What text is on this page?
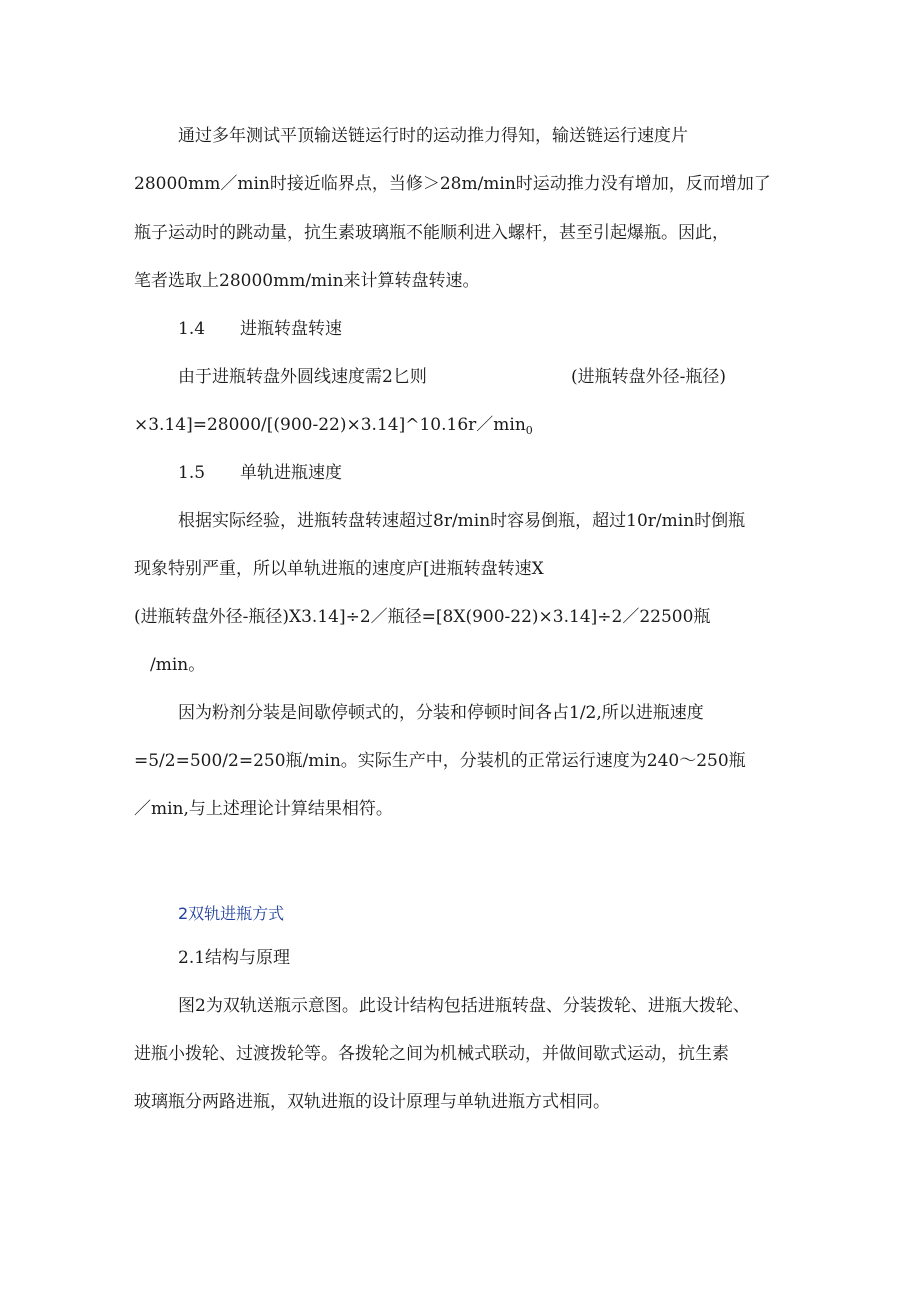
通过多年测试平顶输送链运行时的运动推力得知，输送链运行速度片

28000mm／min时接近临界点，当修＞28m/min时运动推力没有增加，反而增加了

瓶子运动时的跳动量，抗生素玻璃瓶不能顺利进入螺杆，甚至引起爆瓶。因此，

笔者选取上28000mm/min来计算转盘转速。

1.4 进瓶转盘转速

由于进瓶转盘外圆线速度需2匕则	(进瓶转盘外径-瓶径)

$\times 3.14]=28000/[(900-22)\times 3.14]\^{}10.16r/\min_0$

1.5 单轨进瓶速度

根据实际经验，进瓶转盘转速超过8r/min时容易倒瓶，超过10r/min时倒瓶

现象特别严重，所以单轨进瓶的速度庐[进瓶转盘转速X

(进瓶转盘外径-瓶径)X3.14]÷2／瓶径=[8X(900-22)×3.14]÷2／22500瓶

/min。

因为粉剂分装是间歇停顿式的，分装和停顿时间各占1/2,所以进瓶速度

=5/2=500/2=250瓶/min。实际生产中，分装机的正常运行速度为240～250瓶

／min,与上述理论计算结果相符。

2双轨进瓶方式

2.1结构与原理

图2为双轨送瓶示意图。此设计结构包括进瓶转盘、分装拨轮、进瓶大拨轮、

进瓶小拨轮、过渡拨轮等。各拨轮之间为机械式联动，并做间歇式运动，抗生素

玻璃瓶分两路进瓶，双轨进瓶的设计原理与单轨进瓶方式相同。
